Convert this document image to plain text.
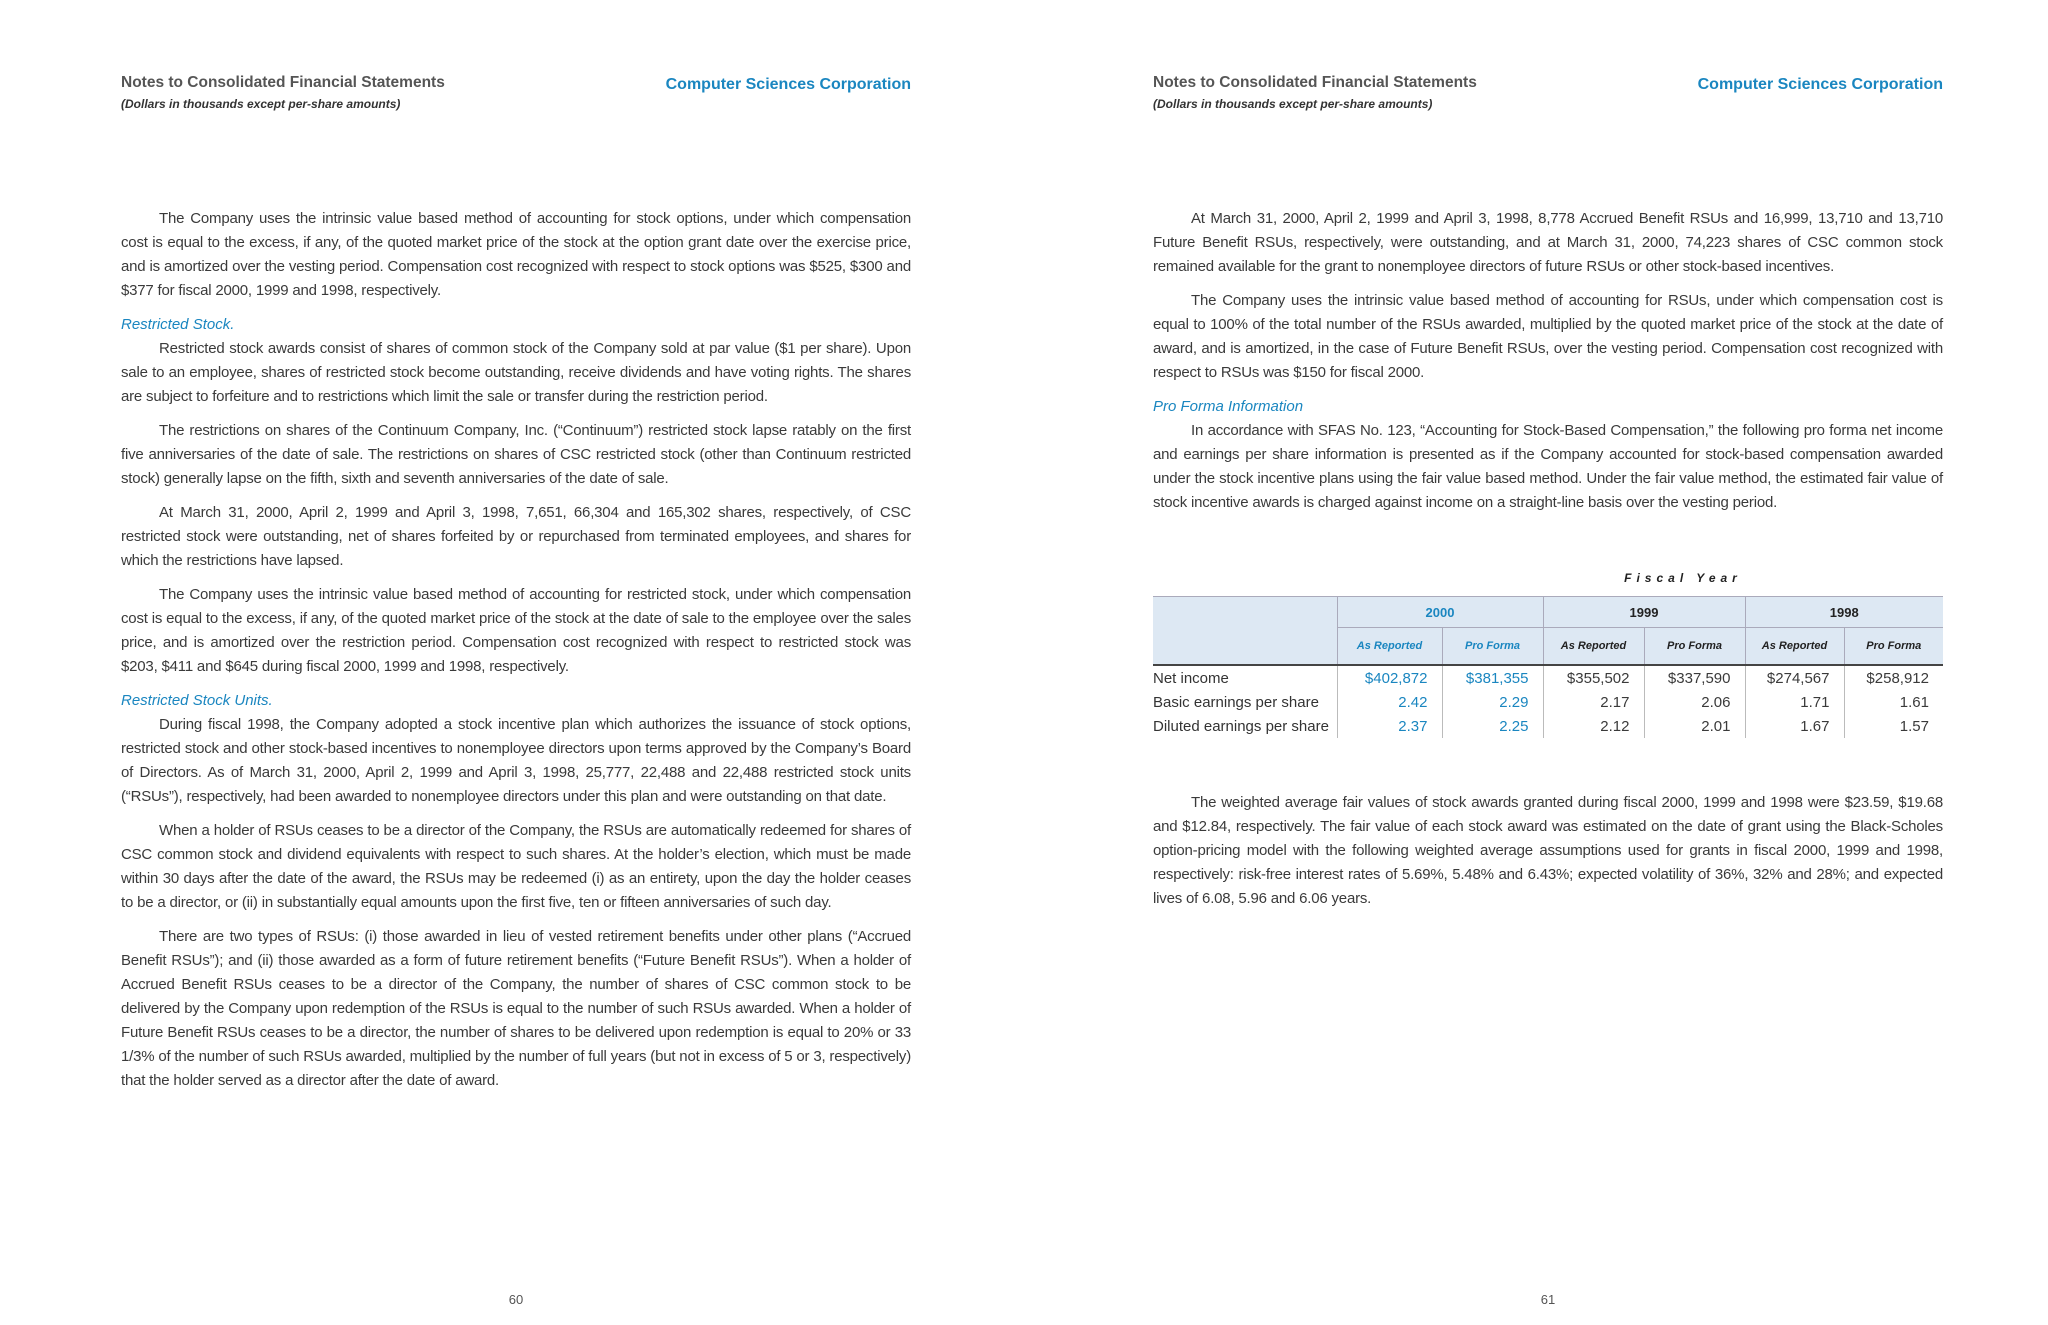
Notes to Consolidated Financial Statements
(Dollars in thousands except per-share amounts)
Computer Sciences Corporation

The Company uses the intrinsic value based method of accounting for stock options, under which compensation cost is equal to the excess, if any, of the quoted market price of the stock at the option grant date over the exercise price, and is amortized over the vesting period. Compensation cost recognized with respect to stock options was $525, $300 and $377 for fiscal 2000, 1999 and 1998, respectively.

Restricted Stock.

Restricted stock awards consist of shares of common stock of the Company sold at par value ($1 per share). Upon sale to an employee, shares of restricted stock become outstanding, receive dividends and have voting rights. The shares are subject to forfeiture and to restrictions which limit the sale or transfer during the restriction period.

The restrictions on shares of the Continuum Company, Inc. (“Continuum”) restricted stock lapse ratably on the first five anniversaries of the date of sale. The restrictions on shares of CSC restricted stock (other than Continuum restricted stock) generally lapse on the fifth, sixth and seventh anniversaries of the date of sale.

At March 31, 2000, April 2, 1999 and April 3, 1998, 7,651, 66,304 and 165,302 shares, respectively, of CSC restricted stock were outstanding, net of shares forfeited by or repurchased from terminated employees, and shares for which the restrictions have lapsed.

The Company uses the intrinsic value based method of accounting for restricted stock, under which compensation cost is equal to the excess, if any, of the quoted market price of the stock at the date of sale to the employee over the sales price, and is amortized over the restriction period. Compensation cost recognized with respect to restricted stock was $203, $411 and $645 during fiscal 2000, 1999 and 1998, respectively.

Restricted Stock Units.

During fiscal 1998, the Company adopted a stock incentive plan which authorizes the issuance of stock options, restricted stock and other stock-based incentives to nonemployee directors upon terms approved by the Company’s Board of Directors. As of March 31, 2000, April 2, 1999 and April 3, 1998, 25,777, 22,488 and 22,488 restricted stock units (“RSUs”), respectively, had been awarded to nonemployee directors under this plan and were outstanding on that date.

When a holder of RSUs ceases to be a director of the Company, the RSUs are automatically redeemed for shares of CSC common stock and dividend equivalents with respect to such shares. At the holder’s election, which must be made within 30 days after the date of the award, the RSUs may be redeemed (i) as an entirety, upon the day the holder ceases to be a director, or (ii) in substantially equal amounts upon the first five, ten or fifteen anniversaries of such day.

There are two types of RSUs: (i) those awarded in lieu of vested retirement benefits under other plans (“Accrued Benefit RSUs”); and (ii) those awarded as a form of future retirement benefits (“Future Benefit RSUs”). When a holder of Accrued Benefit RSUs ceases to be a director of the Company, the number of shares of CSC common stock to be delivered by the Company upon redemption of the RSUs is equal to the number of such RSUs awarded. When a holder of Future Benefit RSUs ceases to be a director, the number of shares to be delivered upon redemption is equal to 20% or 33 1/3% of the number of such RSUs awarded, multiplied by the number of full years (but not in excess of 5 or 3, respectively) that the holder served as a director after the date of award.

60
Notes to Consolidated Financial Statements
(Dollars in thousands except per-share amounts)
Computer Sciences Corporation

At March 31, 2000, April 2, 1999 and April 3, 1998, 8,778 Accrued Benefit RSUs and 16,999, 13,710 and 13,710 Future Benefit RSUs, respectively, were outstanding, and at March 31, 2000, 74,223 shares of CSC common stock remained available for the grant to nonemployee directors of future RSUs or other stock-based incentives.

The Company uses the intrinsic value based method of accounting for RSUs, under which compensation cost is equal to 100% of the total number of the RSUs awarded, multiplied by the quoted market price of the stock at the date of award, and is amortized, in the case of Future Benefit RSUs, over the vesting period. Compensation cost recognized with respect to RSUs was $150 for fiscal 2000.

Pro Forma Information

In accordance with SFAS No. 123, “Accounting for Stock-Based Compensation,” the following pro forma net income and earnings per share information is presented as if the Company accounted for stock-based compensation awarded under the stock incentive plans using the fair value based method. Under the fair value method, the estimated fair value of stock incentive awards is charged against income on a straight-line basis over the vesting period.

Fiscal Year
	2000		1999		1998	
	As Reported	Pro Forma	As Reported	Pro Forma	As Reported	Pro Forma
Net income	$402,872	$381,355	$355,502	$337,590	$274,567	$258,912
Basic earnings per share	2.42	2.29	2.17	2.06	1.71	1.61
Diluted earnings per share	2.37	2.25	2.12	2.01	1.67	1.57

The weighted average fair values of stock awards granted during fiscal 2000, 1999 and 1998 were $23.59, $19.68 and $12.84, respectively. The fair value of each stock award was estimated on the date of grant using the Black-Scholes option-pricing model with the following weighted average assumptions used for grants in fiscal 2000, 1999 and 1998, respectively: risk-free interest rates of 5.69%, 5.48% and 6.43%; expected volatility of 36%, 32% and 28%; and expected lives of 6.08, 5.96 and 6.06 years.

61
